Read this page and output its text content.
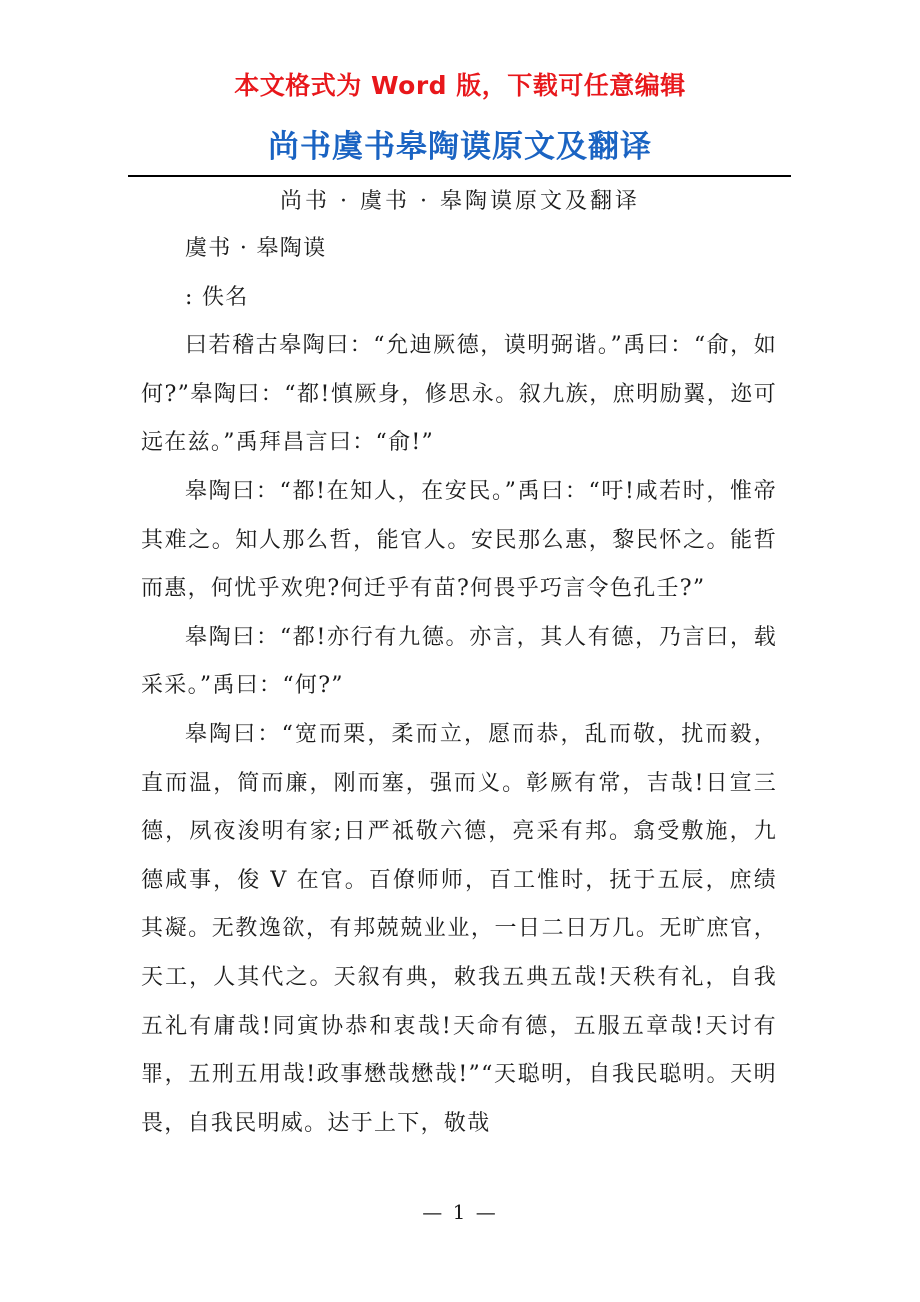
本文格式为 Word 版，下载可任意编辑
尚书虞书皋陶谟原文及翻译
尚书 · 虞书 · 皋陶谟原文及翻译

虞书 · 皋陶谟

: 佚名

曰若稽古皋陶曰：“允迪厥德，谟明弼谐。”禹曰：“俞，如何?”皋陶曰：“都!慎厥身，修思永。叙九族，庶明励翼，迩可远在兹。”禹拜昌言曰：“俞!”

皋陶曰：“都!在知人，在安民。”禹曰：“吁!咸若时，惟帝其难之。知人那么哲，能官人。安民那么惠，黎民怀之。能哲而惠，何忧乎欢兜?何迁乎有苗?何畏乎巧言令色孔壬?”

皋陶曰：“都!亦行有九德。亦言，其人有德，乃言曰，载采采。”禹曰：“何?”

皋陶曰：“宽而栗，柔而立，愿而恭，乱而敬，扰而毅，直而温，简而廉，刚而塞，强而义。彰厥有常，吉哉!日宣三德，夙夜浚明有家;日严祗敬六德，亮采有邦。翕受敷施，九德咸事，俊 V 在官。百僚师师，百工惟时，抚于五辰，庶绩其凝。无教逸欲，有邦兢兢业业，一日二日万几。无旷庶官，天工，人其代之。天叙有典，敕我五典五哉!天秩有礼，自我五礼有庸哉!同寅协恭和衷哉!天命有德，五服五章哉!天讨有罪，五刑五用哉!政事懋哉懋哉!”“天聪明，自我民聪明。天明畏，自我民明威。达于上下，敬哉

— 1 —
